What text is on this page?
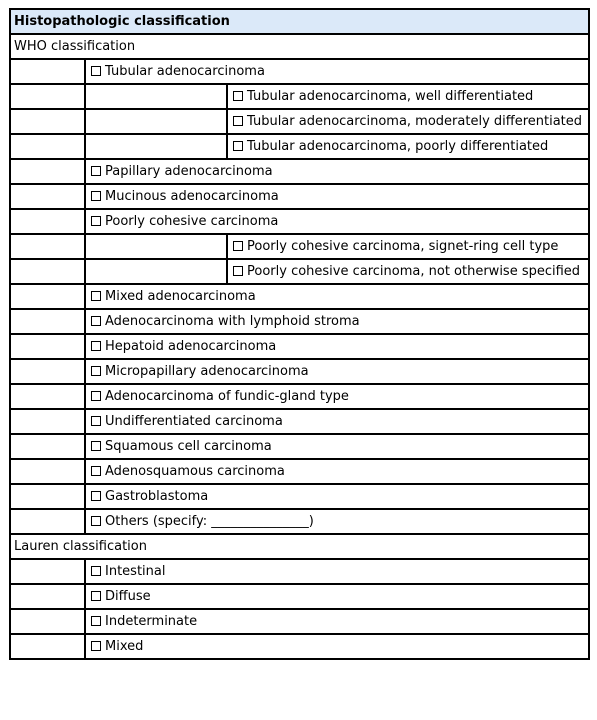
Histopathologic classification		
WHO classification		
	Tubular adenocarcinoma	
		Tubular adenocarcinoma, well differentiated
		Tubular adenocarcinoma, moderately differentiated
		Tubular adenocarcinoma, poorly differentiated
	Papillary adenocarcinoma	
	Mucinous adenocarcinoma	
	Poorly cohesive carcinoma	
		Poorly cohesive carcinoma, signet-ring cell type
		Poorly cohesive carcinoma, not otherwise specified
	Mixed adenocarcinoma	
	Adenocarcinoma with lymphoid stroma	
	Hepatoid adenocarcinoma	
	Micropapillary adenocarcinoma	
	Adenocarcinoma of fundic-gland type	
	Undifferentiated carcinoma	
	Squamous cell carcinoma	
	Adenosquamous carcinoma	
	Gastroblastoma	
	Others (specify: _______________)	
Lauren classification		
	Intestinal	
	Diffuse	
	Indeterminate	
	Mixed	
